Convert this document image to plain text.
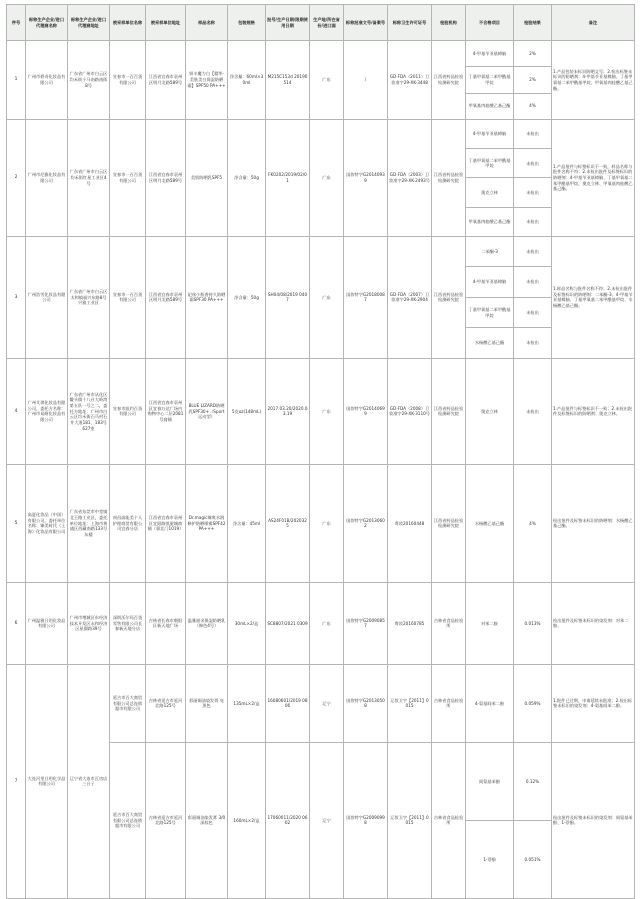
序号	标称生产企业/进口代理商名称	标称生产企业/进口代理商地址	被采样单位名称	被采样单位地址	样品名称	包装规格	批号/生产日期/限期使用日期	生产地/所在省份/进口国	标称批准文号/备案号	标称卫生许可证号	检验机构	不合格项目	检验结果	备注
1	广州市碧奇化妆品有限公司	广东省广州市白云区均禾街小马南路南街8号	宣春市一百百货有限公司	江西省宜春市袁州区明月北路589号	妍丰魔力白【精华·美肤美白保湿防晒霜】SPF50 PA+++	净含量：60ml×30ml	M215C153d 20190514	广东	/	GD·FDA（2011）卫妆准字29-XK-3448	江西省药品检验检测研究院	4-甲基苄亚基樟脑	2%	1.产品包装未标识防晒文号；2.检出标签未标识的防晒剂：4-甲基苄亚基樟脑、丁基甲氧基二苯甲酰基甲烷、甲氧基肉桂酸乙基己酯。
												丁基甲氧基二苯甲酰基甲烷	2%	
												甲氧基肉桂酸乙基己酯	4%	
2	广州市尼雅化妆品有限公司	广东省广州市白云区均禾街红星工业区4号	宣春市一百百货有限公司	江西省宜春市袁州区明月北路589号	美肌防晒乳SPF5	净含量：50g	FK0202/2019/02/01	广东	国妆特字G20140939	GD·FDA（2003）卫妆准字29-XK-2493号	江西省药品检验检测研究院	4-甲基苄亚基樟脑	未检出	1.产品批件与标签标识不一致，样品名称与批件名称不符；2.未检出批件及标签标识的防晒剂：4-甲基苄亚基樟脑、丁基甲氧基二苯甲酰基甲烷、奥克立林、甲氧基肉桂酸乙基己酯。
												丁基甲氧基二苯甲酰基甲烷	未检出	
												奥克立林	未检出	
												甲氧基肉桂酸乙基己酯	未检出	
3	广州浩雪化妆品有限公司	广东省广州市白云区太和镇福兴东路8号兴雅工业区	宣春市一百百货有限公司	江西省宜春市袁州区明月北路589号	妃丝小瓶香持久防晒霜SPF30 PA+++	净含量：50g	SH04/08/2019 0407	广东	国妆特字G20180087	GD·FDA（2007）卫妆准字29-XK-2904	江西省药品检验检测研究院	二苯酮-3	未检出	1.样品名称与批件名称不符；2.未检出批件及标签标识的防晒剂：二苯酮-3、4-甲基苄亚基樟脑、丁基甲氧基二苯甲酰基甲烷、水杨酸乙基己酯。
												4-甲基苄亚基樟脑	未检出	
												丁基甲氧基二苯甲酰基甲烷	未检出	
												水杨酸乙基己酯	未检出	
4	广州艾琪化妆品有限公司，委托方名称：广州市易耐化妆品有限公司	广东省广州市从化区鳌头镇十八社大岭湾第五队一号之二，委托方地址：广州市白云区均禾街石马村石井大道181、183号627室	宣春市纽约百货有限公司	江西省宜春市袁州区宜春万达广场内购物中心二层2081号商铺	BLUE LIZARD防晒乳SPF30+（Sport运动型）	5克oz(148mL)	2017.03.20/2020.03.19	广东	国妆特字G20140699	GD·FDA（2008）卫妆准字29-XK-3110号	江西省药品检验检测研究院	奥克立林	未检出	1.产品批件与标签标识不一致；2.未检出批件及标签标识的防晒剂：奥克立林。
5	高夏化妆品（中国）有限公司，委托单位名称：臻美时代（上海）化妆品有限公司	广东省东莞市中堂镇北王路工业区，委托单位地址：上海市黄浦区西藏南路133号东楼	南昌高能美个人护理商贸有限公司宜春分店	江西省宜春市袁州区宜阳路凯旋城商铺（靠北门1019）	Dr.magic臻爽水润修护防晒喷雾SPF42 PA+++	净含量：45ml	AS24F01B/2020325	广东	国妆特字G20130602	粤妆20160448	江西省药品检验检测研究院	水杨酸乙基己酯	4%	检出批件及标签未标识的防晒剂：水杨酸乙基己酯。
6	广州温雅日用化妆品有限公司	广州市增城区东经济技术开发区永和经济区星圆路39号	深圳沃尔玛百货零售有限公司长春新天地分店	吉林省长春市朝阳区新天地广场	温雅滋采保湿防晒乳（修色4号）	30mL×2/盒	SC8807/2021 0309	广东	国妆特字G20090857	粤妆20160785	吉林省食品检验所	对苯二胺	0.013%	检出批件及标签未标识的染发剂：对苯二胺。
7	大连河里日用化学品有限公司	辽宁省大连市瓦房店三台子	延吉市百大商贸有限公司总连锁超市有限公司	吉林省延吉市延河北路125号	彩丽焗油染发膏 亮黑色	135mL×2/盒	16080601/2019 0806	辽宁	国妆特字G20130508	辽妆卫字【2011】0015	吉林省食品检验所	4-氨基间苯二酚	0.059%	1.批件已过期，申请延续未批准；2.检出标签未标识的染发剂：4-氨基间苯二酚。
			延吉市百大商贸有限公司总连锁超市有限公司	吉林省延吉市延河北路125号	彩丽焗油染发膏 3/0深棕色	160mL×2/盒	17060011/2020 0602	辽宁	国妆特字G20090998	辽妆卫字【2011】0015	吉林省食品检验所	间氨基苯酚	0.12%	检出批件及标签未标识的染发剂：间氨基苯酚、1-萘酚。
												1-萘酚	0.051%	
